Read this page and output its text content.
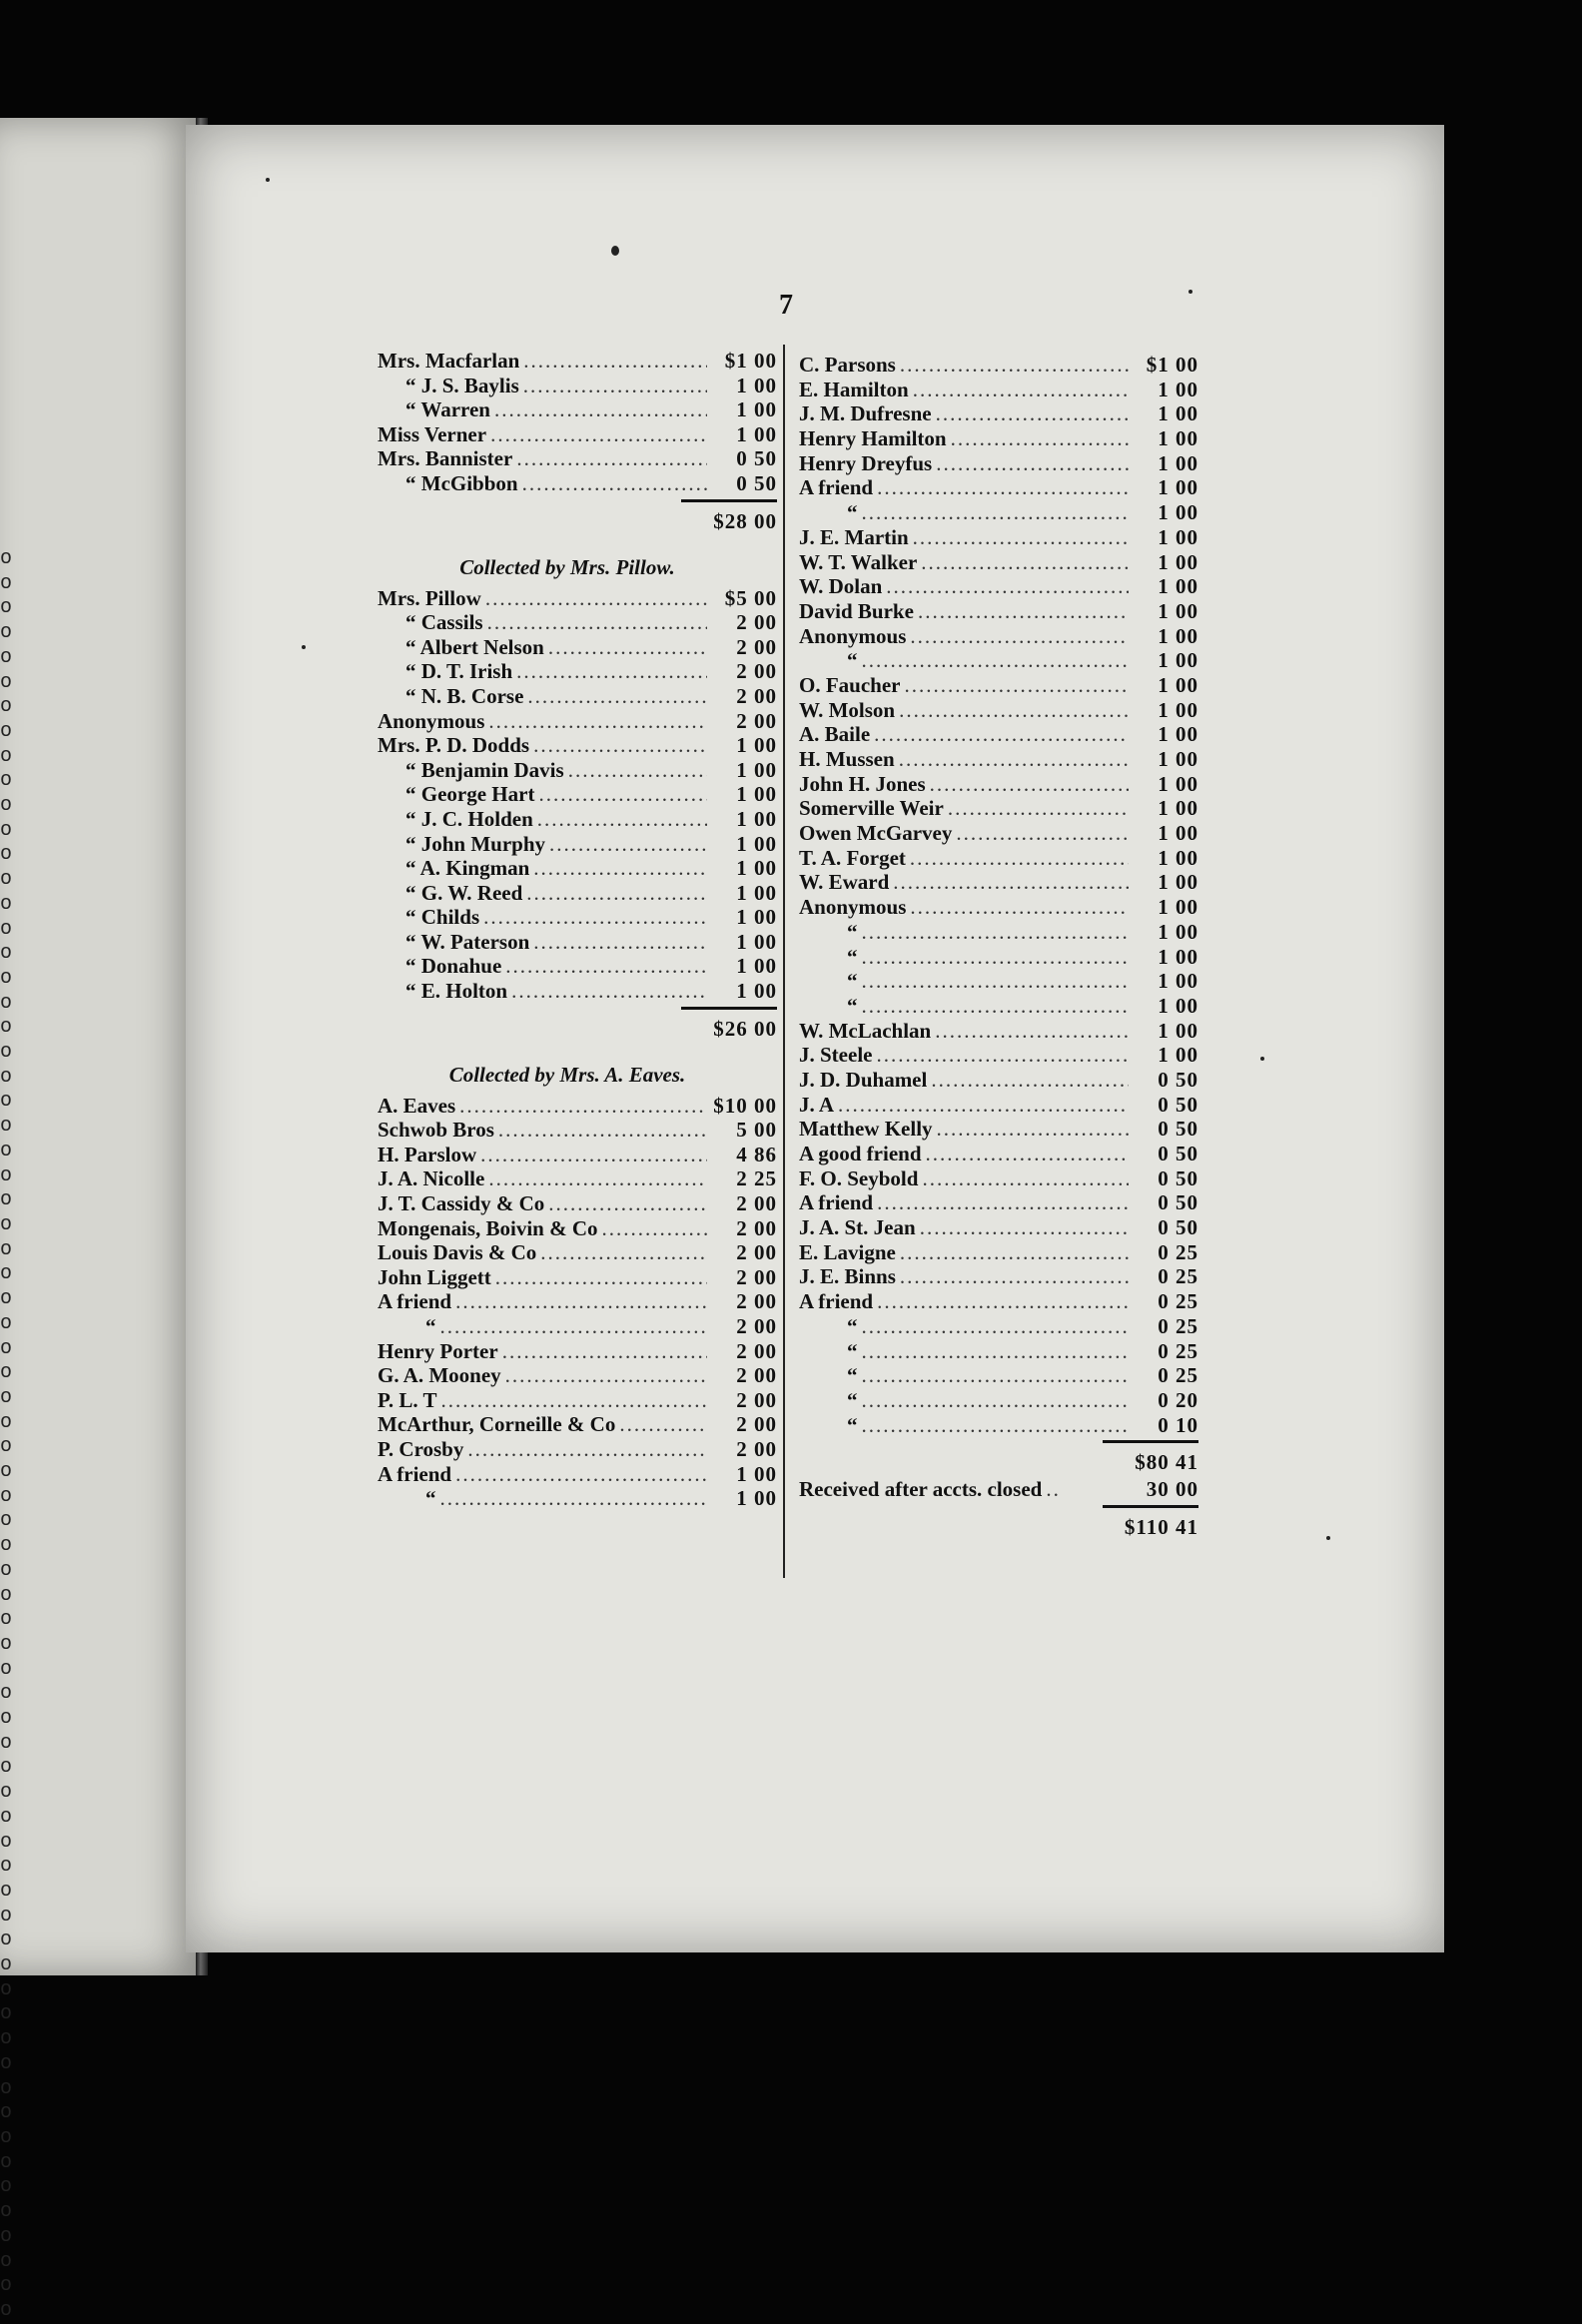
o
o
o
o
o
o
o
o
o
o
o
o
o
o
o
o
o
o
o
o
o
o
o
o
o
o
o
o
o
o
o
o
o
o
o
o
o
o
o
o
o
o
o
o
o
o
o
o
o
o
o
o
o
o
o
o
o
o
o
o
o
o
o
o
o
o
o
o
o
o
o
o
7
Mrs. Macfarlan .....	$1 00
“ J. S. Baylis .....	1 00
“ Warren .....	1 00
Miss Verner .....	1 00
Mrs. Bannister .....	0 50
“ McGibbon .....	0 50
$28 00
Collected by Mrs. Pillow.
Mrs. Pillow .....	$5 00
“ Cassils .....	2 00
“ Albert Nelson .....	2 00
“ D. T. Irish .....	2 00
“ N. B. Corse .....	2 00
Anonymous .....	2 00
Mrs. P. D. Dodds .....	1 00
“ Benjamin Davis .....	1 00
“ George Hart .....	1 00
“ J. C. Holden .....	1 00
“ John Murphy .....	1 00
“ A. Kingman .....	1 00
“ G. W. Reed .....	1 00
“ Childs .....	1 00
“ W. Paterson .....	1 00
“ Donahue .....	1 00
“ E. Holton .....	1 00
$26 00
Collected by Mrs. A. Eaves.
A. Eaves .....	$10 00
Schwob Bros .....	5 00
H. Parslow .....	4 86
J. A. Nicolle .....	2 25
J. T. Cassidy & Co .....	2 00
Mongenais, Boivin & Co .....	2 00
Louis Davis & Co .....	2 00
John Liggett .....	2 00
A friend .....	2 00
“ .....	2 00
Henry Porter .....	2 00
G. A. Mooney .....	2 00
P. L. T .....	2 00
McArthur, Corneille & Co .....	2 00
P. Crosby .....	2 00
A friend .....	1 00
“ .....	1 00
C. Parsons .....	$1 00
E. Hamilton .....	1 00
J. M. Dufresne .....	1 00
Henry Hamilton .....	1 00
Henry Dreyfus .....	1 00
A friend .....	1 00
“ .....	1 00
J. E. Martin .....	1 00
W. T. Walker .....	1 00
W. Dolan .....	1 00
David Burke .....	1 00
Anonymous .....	1 00
“ .....	1 00
O. Faucher .....	1 00
W. Molson .....	1 00
A. Baile .....	1 00
H. Mussen .....	1 00
John H. Jones .....	1 00
Somerville Weir .....	1 00
Owen McGarvey .....	1 00
T. A. Forget .....	1 00
W. Eward .....	1 00
Anonymous .....	1 00
“ .....	1 00
“ .....	1 00
“ .....	1 00
“ .....	1 00
W. McLachlan .....	1 00
J. Steele .....	1 00
J. D. Duhamel .....	0 50
J. A .....	0 50
Matthew Kelly .....	0 50
A good friend .....	0 50
F. O. Seybold .....	0 50
A friend .....	0 50
J. A. St. Jean .....	0 50
E. Lavigne .....	0 25
J. E. Binns .....	0 25
A friend .....	0 25
“ .....	0 25
“ .....	0 25
“ .....	0 25
“ .....	0 20
“ .....	0 10
$80 41
Received after accts. closed .....	30 00
$110 41
